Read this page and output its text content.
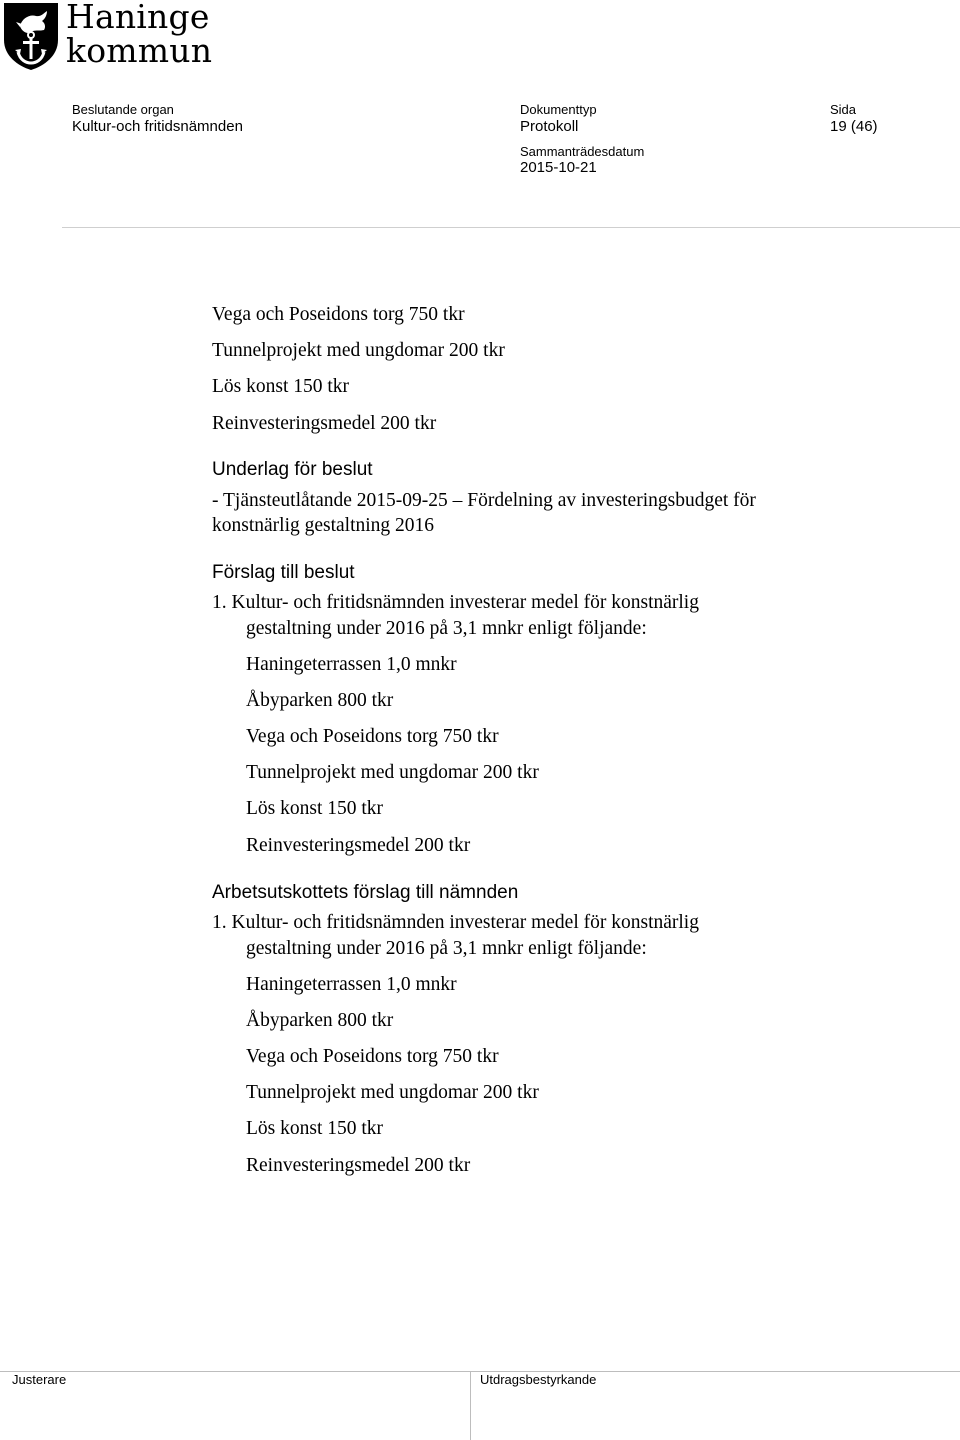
Haninge
kommun
Beslutande organ
Kultur-och fritidsnämnden
Dokumenttyp
Protokoll
Sammanträdesdatum
2015-10-21
Sida
19 (46)
Vega och Poseidons torg 750 tkr
Tunnelprojekt med ungdomar 200 tkr
Lös konst 150 tkr
Reinvesteringsmedel 200 tkr
Underlag för beslut
- Tjänsteutlåtande 2015-09-25 – Fördelning av investeringsbudget för
konstnärlig gestaltning 2016
Förslag till beslut
1. Kultur- och fritidsnämnden investerar medel för konstnärlig
gestaltning under 2016 på 3,1 mnkr enligt följande:
Haningeterrassen 1,0 mnkr
Åbyparken 800 tkr
Vega och Poseidons torg 750 tkr
Tunnelprojekt med ungdomar 200 tkr
Lös konst 150 tkr
Reinvesteringsmedel 200 tkr
Arbetsutskottets förslag till nämnden
1. Kultur- och fritidsnämnden investerar medel för konstnärlig
gestaltning under 2016 på 3,1 mnkr enligt följande:
Haningeterrassen 1,0 mnkr
Åbyparken 800 tkr
Vega och Poseidons torg 750 tkr
Tunnelprojekt med ungdomar 200 tkr
Lös konst 150 tkr
Reinvesteringsmedel 200 tkr
Justerare	Utdragsbestyrkande
